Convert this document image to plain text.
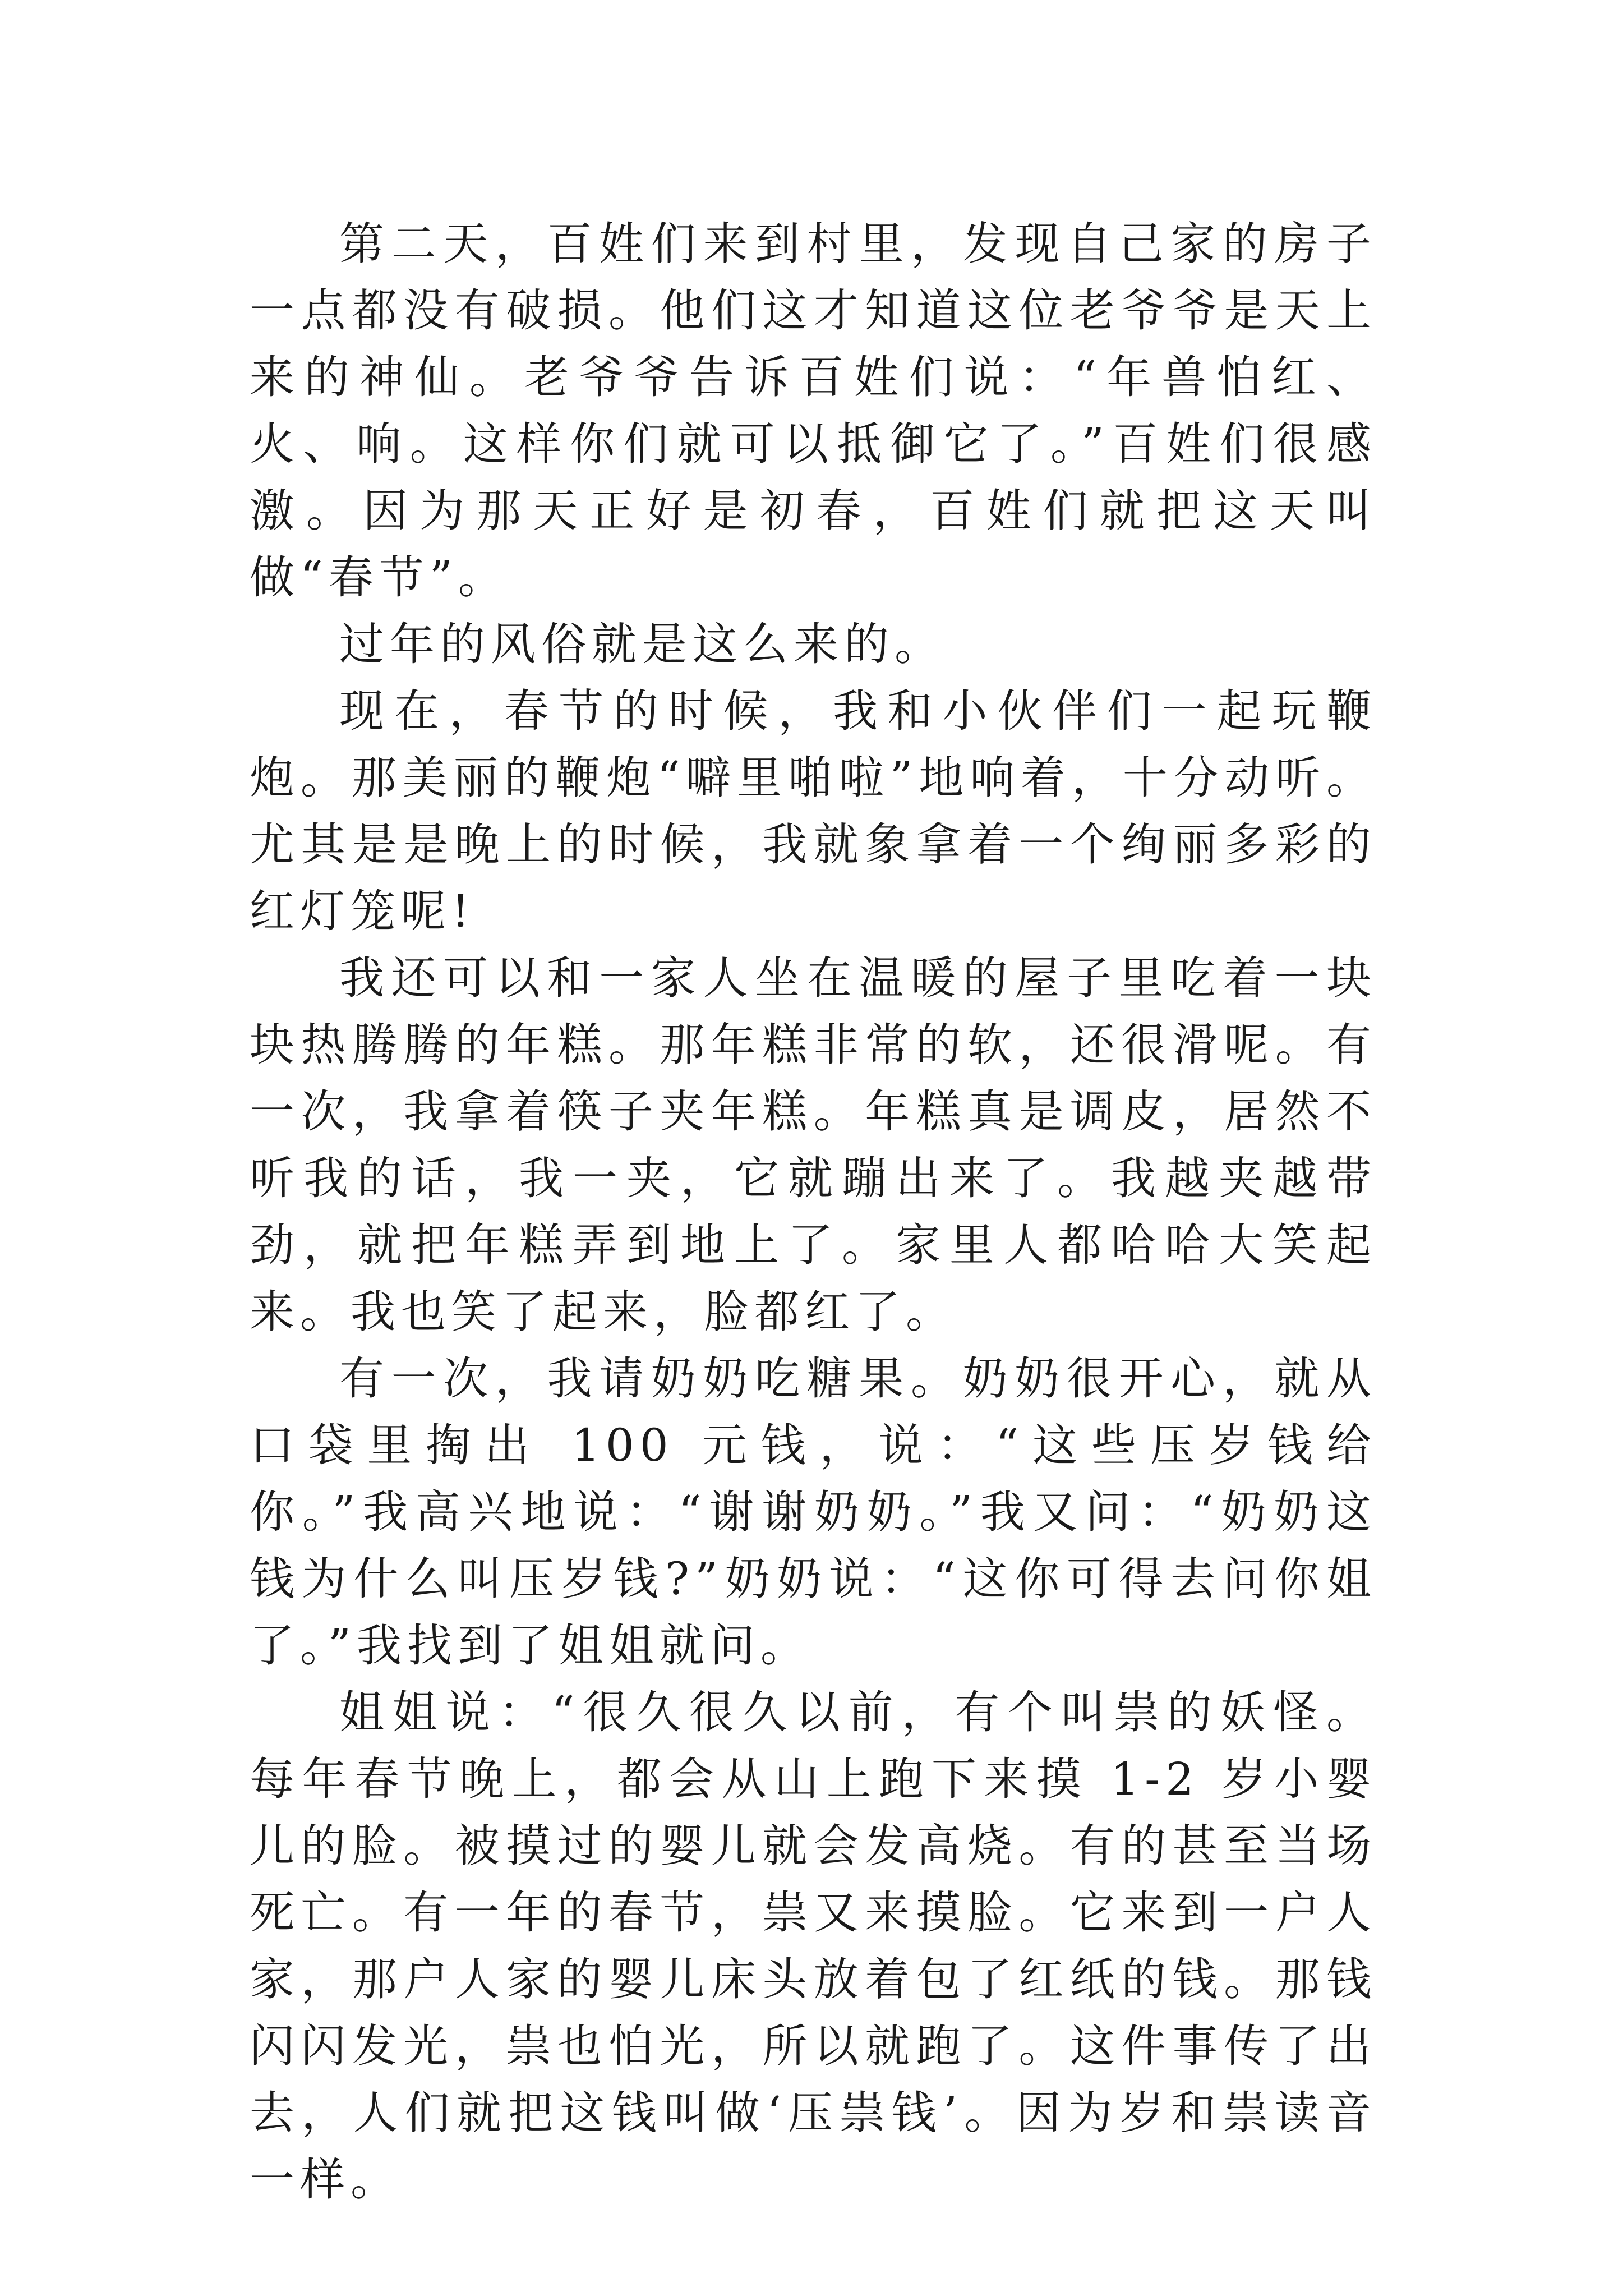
第二天，百姓们来到村里，发现自己家的房子一点都没有破损。他们这才知道这位老爷爷是天上来的神仙。老爷爷告诉百姓们说：“年兽怕红、火、响。这样你们就可以抵御它了。”百姓们很感激。因为那天正好是初春，百姓们就把这天叫做“春节”。

过年的风俗就是这么来的。

现在，春节的时候，我和小伙伴们一起玩鞭炮。那美丽的鞭炮“噼里啪啦”地响着，十分动听。尤其是是晚上的时候，我就象拿着一个绚丽多彩的红灯笼呢!

我还可以和一家人坐在温暖的屋子里吃着一块块热腾腾的年糕。那年糕非常的软，还很滑呢。有一次，我拿着筷子夹年糕。年糕真是调皮，居然不听我的话，我一夹，它就蹦出来了。我越夹越带劲，就把年糕弄到地上了。家里人都哈哈大笑起来。我也笑了起来，脸都红了。

有一次，我请奶奶吃糖果。奶奶很开心，就从口袋里掏出 100 元钱，说：“这些压岁钱给你。”我高兴地说：“谢谢奶奶。”我又问：“奶奶这钱为什么叫压岁钱?”奶奶说：“这你可得去问你姐了。”我找到了姐姐就问。

姐姐说：“很久很久以前，有个叫祟的妖怪。每年春节晚上，都会从山上跑下来摸 1-2 岁小婴儿的脸。被摸过的婴儿就会发高烧。有的甚至当场死亡。有一年的春节，祟又来摸脸。它来到一户人家，那户人家的婴儿床头放着包了红纸的钱。那钱闪闪发光，祟也怕光，所以就跑了。这件事传了出去，人们就把这钱叫做‘压祟钱’。因为岁和祟读音一样。
